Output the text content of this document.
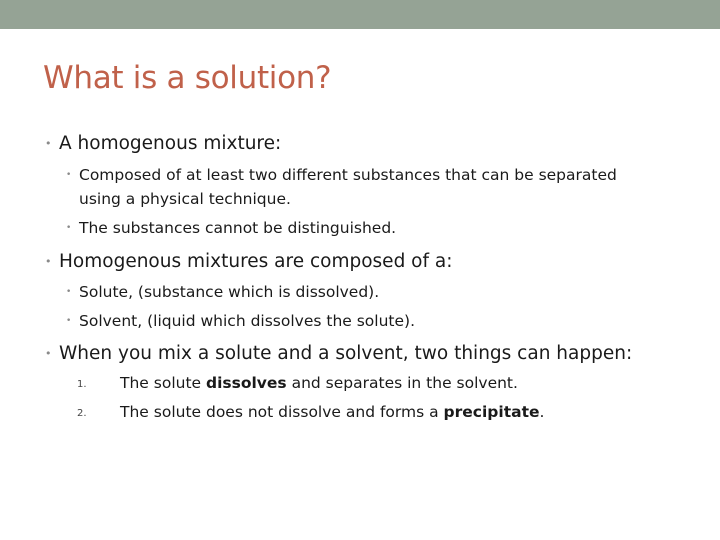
What is a solution?
• A homogenous mixture:
• Composed of at least two different substances that can be separated
using a physical technique.
• The substances cannot be distinguished.
• Homogenous mixtures are composed of a:
• Solute, (substance which is dissolved).
• Solvent, (liquid which dissolves the solute).
• When you mix a solute and a solvent, two things can happen:
1. The solute dissolves and separates in the solvent.
2. The solute does not dissolve and forms a precipitate.
